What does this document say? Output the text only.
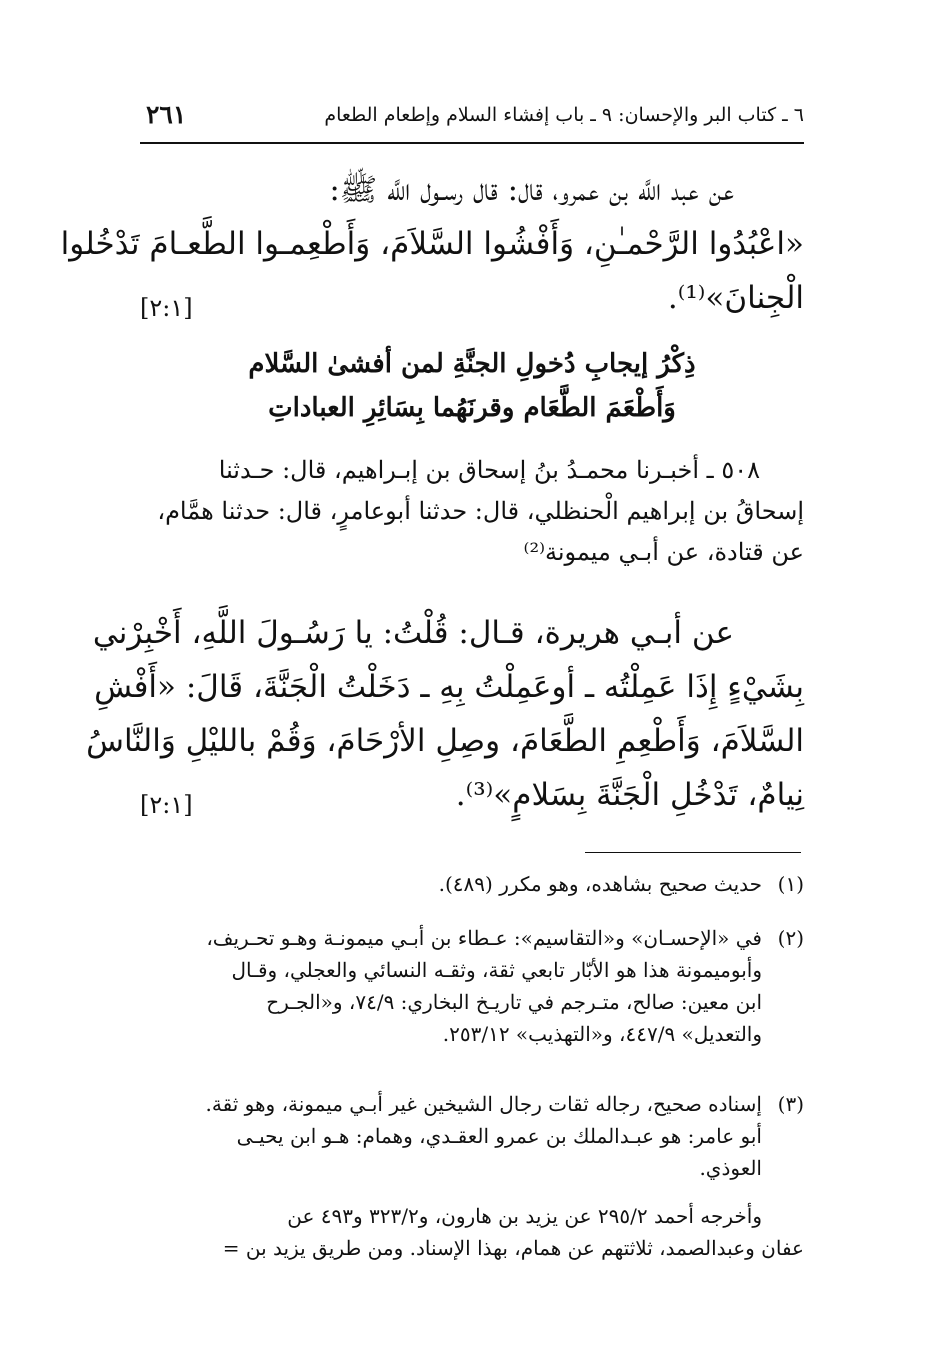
٦ ـ كتاب البر والإحسان: ٩ ـ باب إفشاء السلام وإطعام الطعام
٢٦١
عن عبد اللَّه بن عمرو، قال: قال رسـول اللَّه ﷺ:
«اعْبُدُوا الرَّحْمـٰنِ، وَأَفْشُوا السَّلاَمَ، وَأَطْعِمـوا الطَّعـامَ تَدْخُلوا
الْجِنانَ»⁽¹⁾.
[٢:١]
ذِكْرُ إيجابِ دُخولِ الجنَّةِ لمن أفشىٰ السَّلام
وَأَطْعَمَ الطَّعَام وقرنَهُما بِسَائِرِ العباداتِ
٥٠٨ ـ أخبـرنا محمـدُ بنُ إسحاق بن إبـراهيم، قال: حـدثنا
إسحاقُ بن إبراهيم الْحنظلي، قال: حدثنا أبوعامرٍ، قال: حدثنا همَّام،
عن قتادة، عن أبـي ميمونة⁽²⁾
عن أبـي هريرة، قـال: قُلْتُ: يا رَسُـولَ اللَّهِ، أَخْبِرْني
بِشَيْءٍ إِذَا عَمِلْتُه ـ أوعَمِلْتُ بِهِ ـ دَخَلْتُ الْجَنَّةَ، قَالَ: «أَفْشِ
السَّلاَمَ، وَأَطْعِمِ الطَّعَامَ، وصِلِ الأرْحَامَ، وَقُمْ بالليْلِ وَالنَّاسُ
نِيامٌ، تَدْخُلِ الْجَنَّةَ بِسَلامٍ»⁽³⁾.
[٢:١]
(١)حديث صحيح بشاهده، وهو مكرر (٤٨٩).
(٢)في «الإحسـان» و«التقاسيم»: عـطاء بن أبـي ميمونـة وهـو تحـريف،
وأبوميمونة هذا هو الأبّار تابعي ثقة، وثقـه النسائي والعجلي، وقـال
ابن معين: صالح، متـرجم في تاريـخ البخاري: ٧٤/٩، و«الجـرح
والتعديل» ٤٤٧/٩، و«التهذيب» ٢٥٣/١٢.
(٣)إسناده صحيح، رجاله ثقات رجال الشيخين غير أبـي ميمونة، وهو ثقة.
أبو عامر: هو عبـدالملك بن عمرو العقـدي، وهمام: هـو ابن يحيـى
العوذي.
وأخرجه أحمد ٢٩٥/٢ عن يزيد بن هارون، و٣٢٣/٢ و٤٩٣ عن
عفان وعبدالصمد، ثلاثتهم عن همام، بهذا الإسناد. ومن طريق يزيد بن =
